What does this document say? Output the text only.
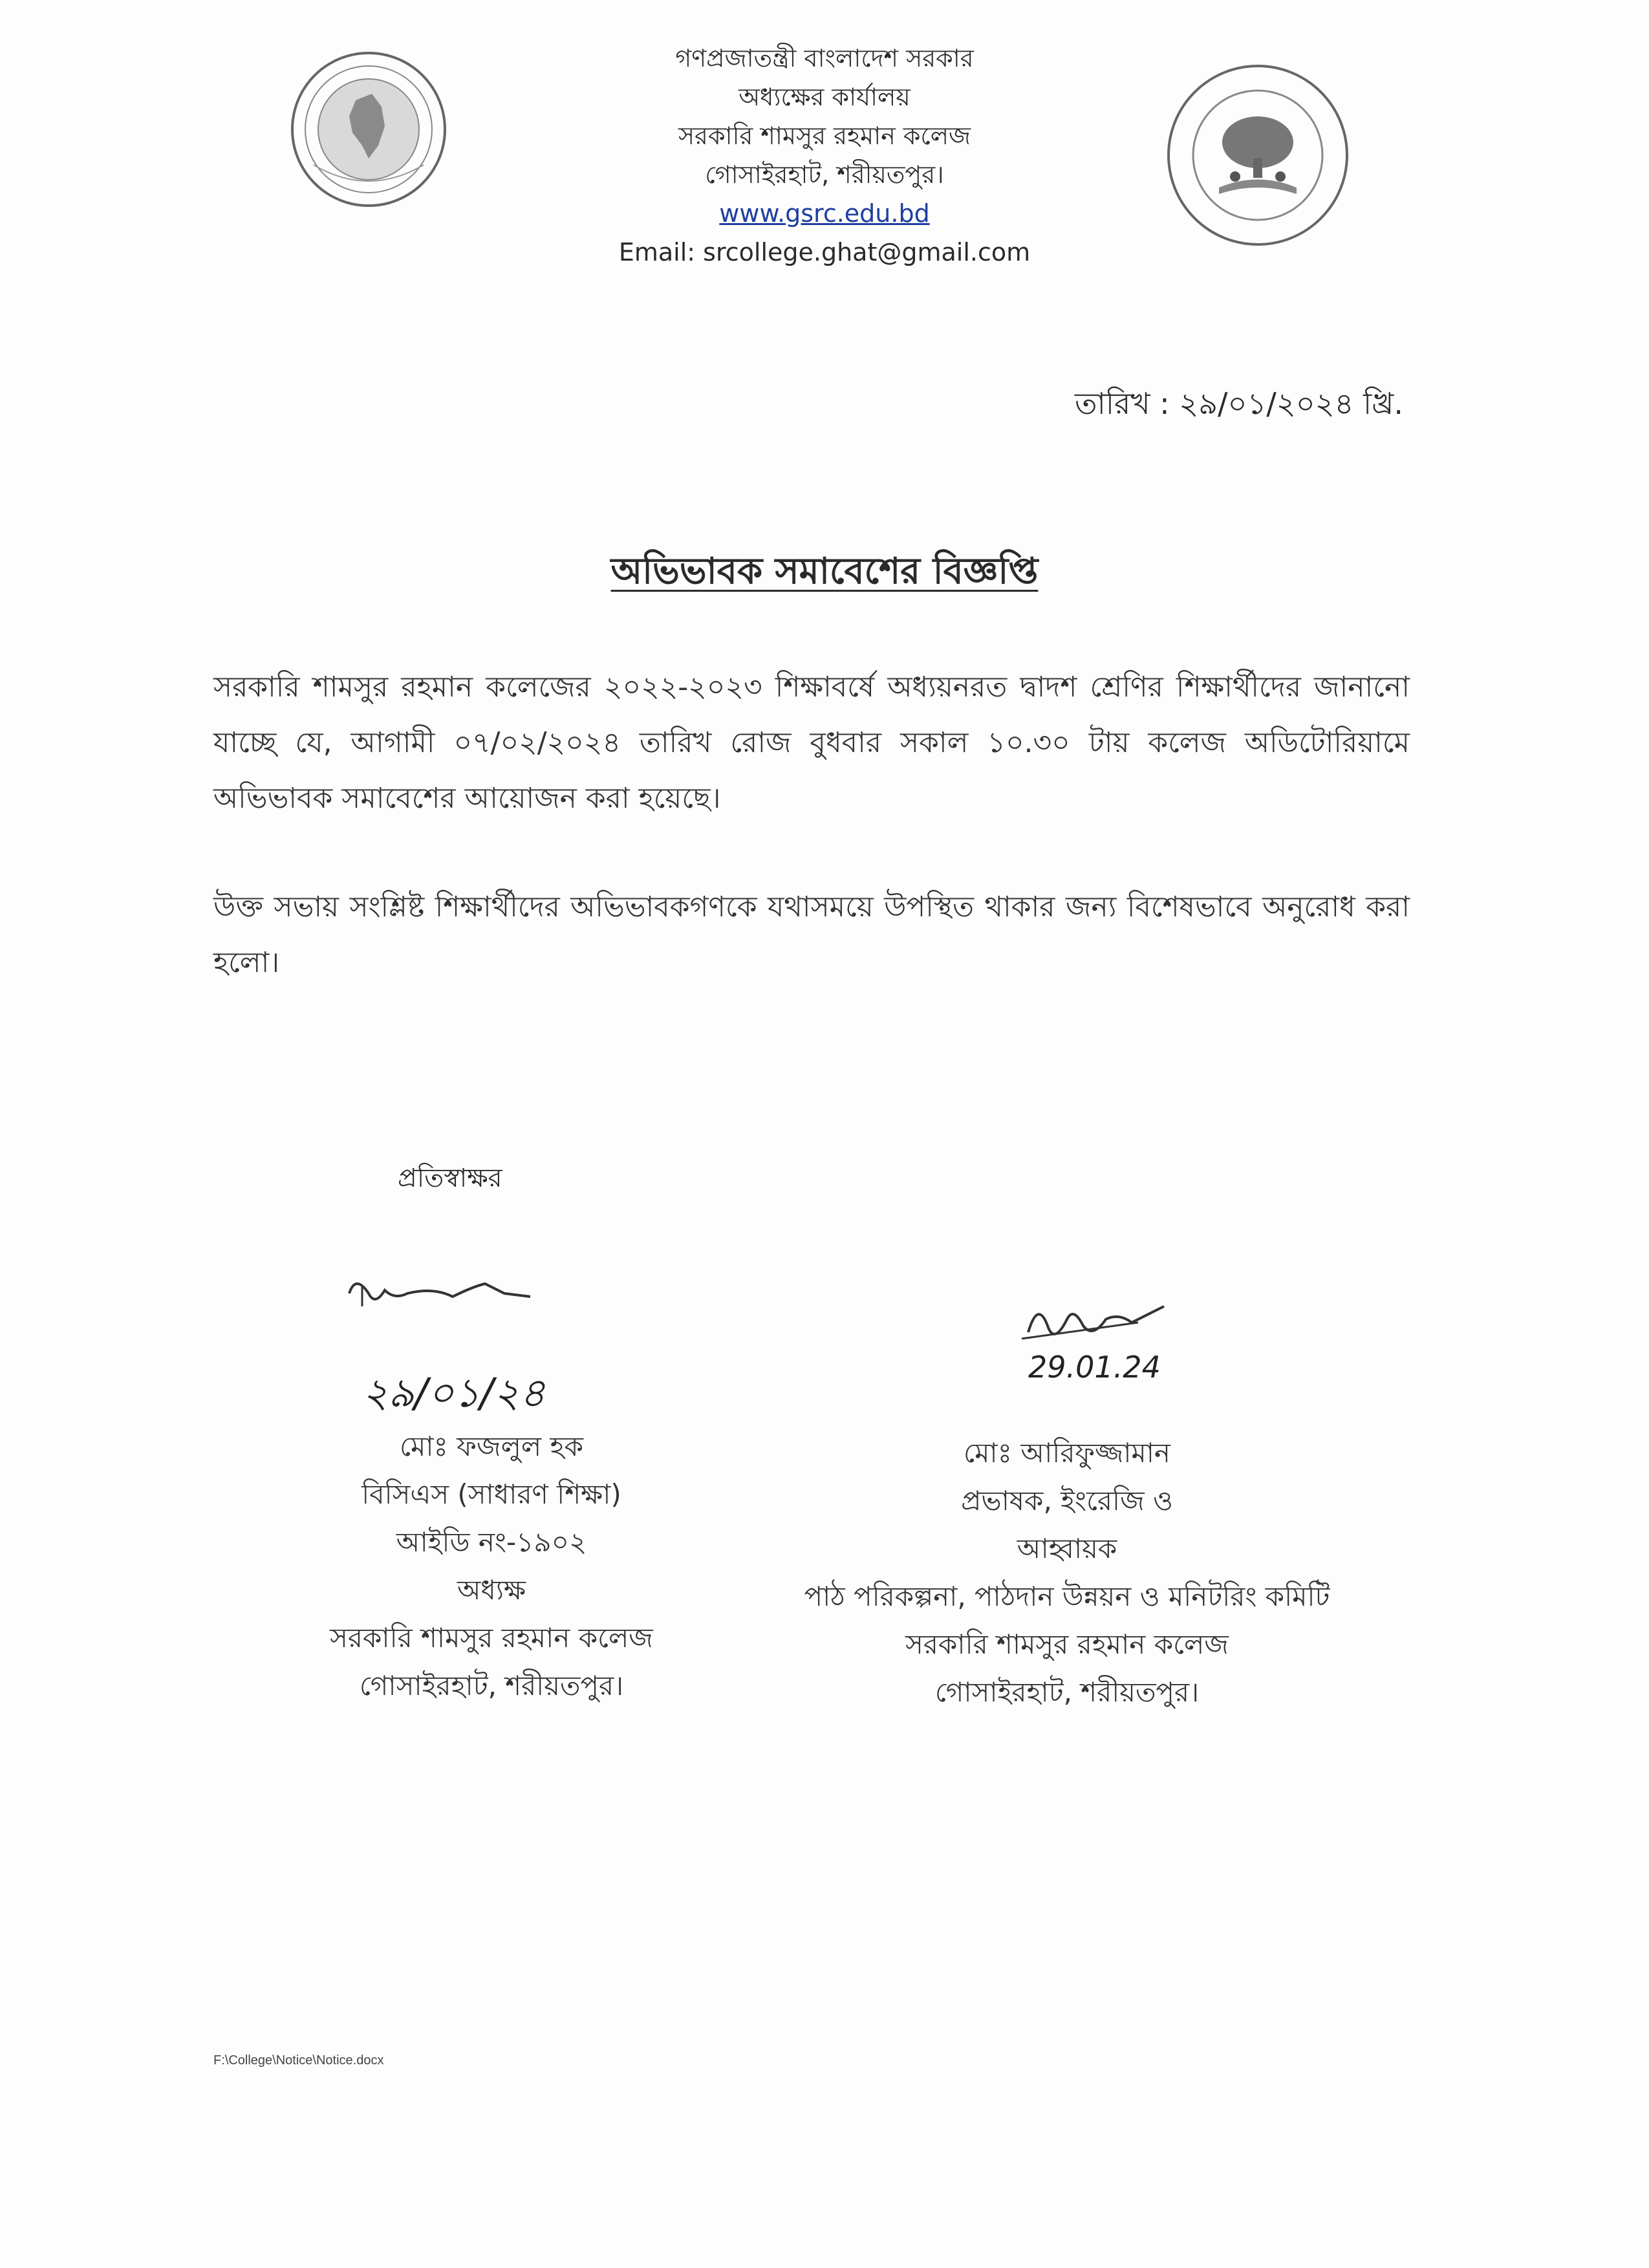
গণপ্রজাতন্ত্রী বাংলাদেশ সরকার
অধ্যক্ষের কার্যালয়
সরকারি শামসুর রহমান কলেজ
গোসাইরহাট, শরীয়তপুর।
www.gsrc.edu.bd
Email: srcollege.ghat@gmail.com
তারিখ : ২৯/০১/২০২৪ খ্রি.
অভিভাবক সমাবেশের বিজ্ঞপ্তি
সরকারি শামসুর রহমান কলেজের ২০২২-২০২৩ শিক্ষাবর্ষে অধ্যয়নরত দ্বাদশ শ্রেণির শিক্ষার্থীদের জানানো যাচ্ছে যে, আগামী ০৭/০২/২০২৪ তারিখ রোজ বুধবার সকাল ১০.৩০ টায় কলেজ অডিটোরিয়ামে অভিভাবক সমাবেশের আয়োজন করা হয়েছে।
উক্ত সভায় সংশ্লিষ্ট শিক্ষার্থীদের অভিভাবকগণকে যথাসময়ে উপস্থিত থাকার জন্য বিশেষভাবে অনুরোধ করা হলো।
প্রতিস্বাক্ষর
২৯/০১/২৪
29.01.24
মোঃ ফজলুল হক
বিসিএস (সাধারণ শিক্ষা)
আইডি নং-১৯০২
অধ্যক্ষ
সরকারি শামসুর রহমান কলেজ
গোসাইরহাট, শরীয়তপুর।
মোঃ আরিফুজ্জামান
প্রভাষক, ইংরেজি ও
আহ্বায়ক
পাঠ পরিকল্পনা, পাঠদান উন্নয়ন ও মনিটরিং কমিটি
সরকারি শামসুর রহমান কলেজ
গোসাইরহাট, শরীয়তপুর।
F:\College\Notice\Notice.docx
